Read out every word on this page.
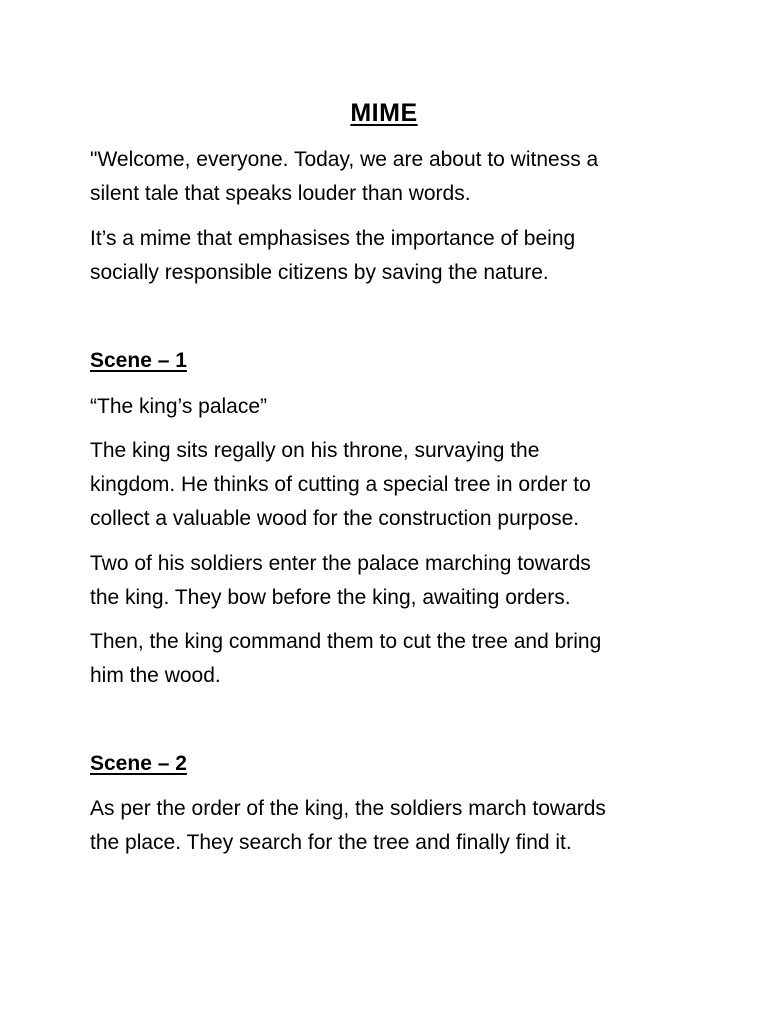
MIME

"Welcome, everyone. Today, we are about to witness a
silent tale that speaks louder than words.

It’s a mime that emphasises the importance of being
socially responsible citizens by saving the nature.

Scene – 1

“The king’s palace”

The king sits regally on his throne, survaying the
kingdom. He thinks of cutting a special tree in order to
collect a valuable wood for the construction purpose.

Two of his soldiers enter the palace marching towards
the king. They bow before the king, awaiting orders.

Then, the king command them to cut the tree and bring
him the wood.

Scene – 2

As per the order of the king, the soldiers march towards
the place. They search for the tree and finally find it.
